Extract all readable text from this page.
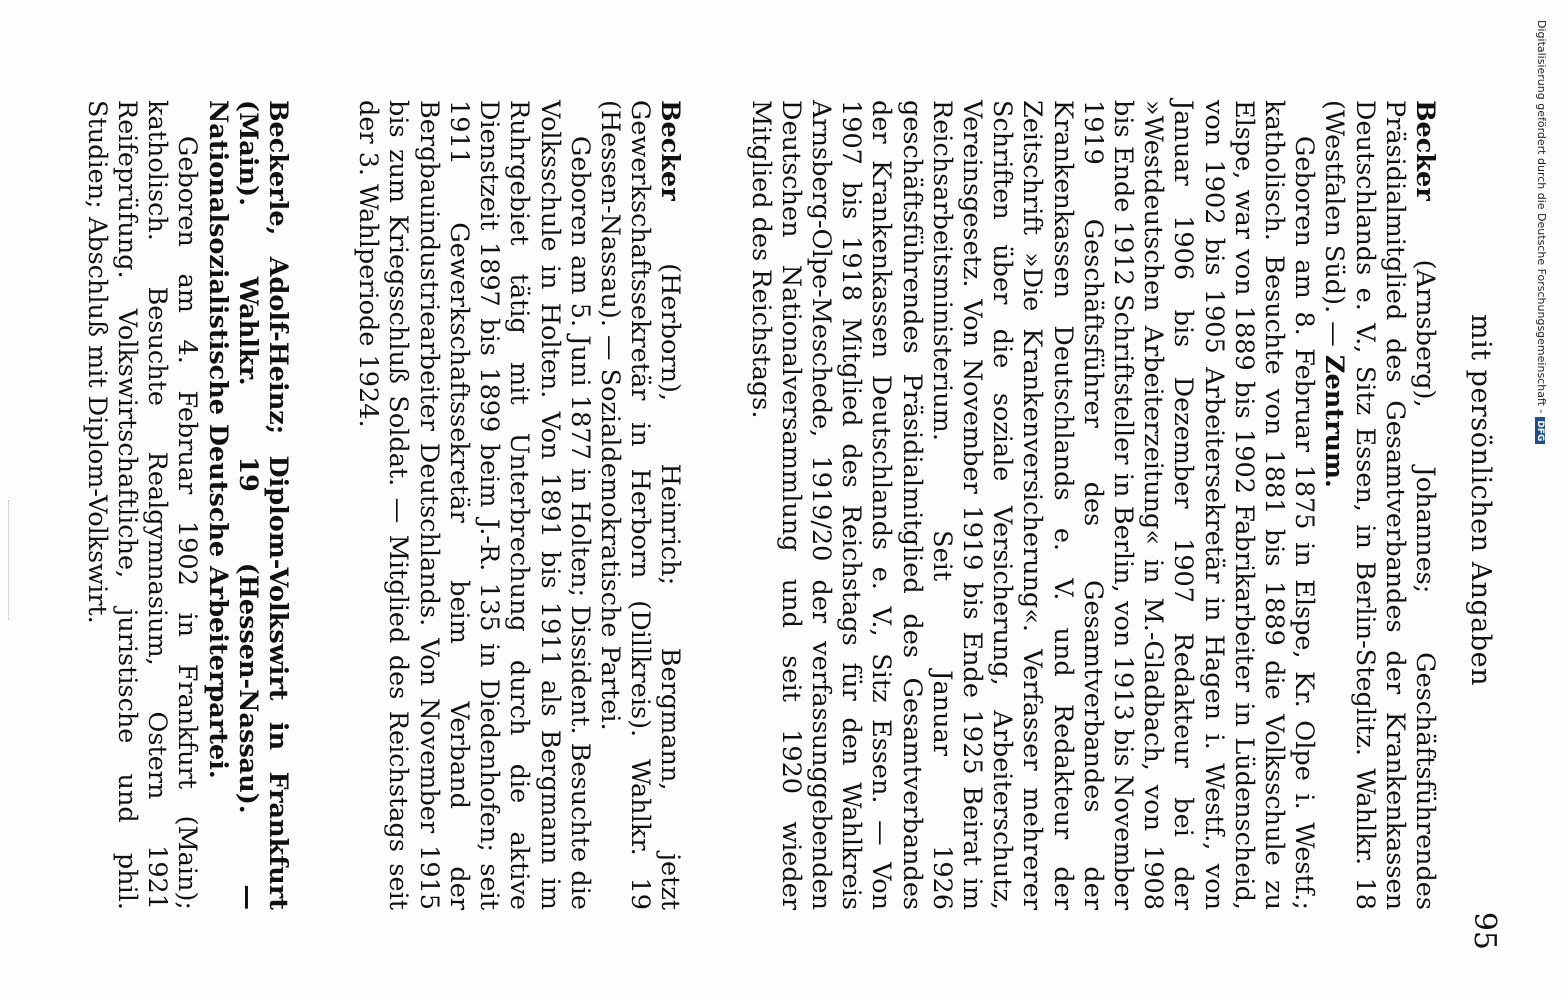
mit persönlichen Angaben
95

Becker (Arnsberg), Johannes; Geschäftsführendes Präsidialmitglied des Gesamtverbandes der Krankenkassen Deutschlands e. V., Sitz Essen, in Berlin-Steglitz. Wahlkr. 18 (Westfalen Süd). — Zentrum.

Geboren am 8. Februar 1875 in Elspe, Kr. Olpe i. Westf.; katholisch. Besuchte von 1881 bis 1889 die Volksschule zu Elspe, war von 1889 bis 1902 Fabrikarbeiter in Lüdenscheid, von 1902 bis 1905 Arbeitersekretär in Hagen i. Westf., von Januar 1906 bis Dezember 1907 Redakteur bei der »Westdeutschen Arbeiterzeitung« in M.-Gladbach, von 1908 bis Ende 1912 Schriftsteller in Berlin, von 1913 bis November 1919 Geschäftsführer des Gesamtverbandes der Krankenkassen Deutschlands e. V. und Redakteur der Zeitschrift »Die Krankenversicherung«. Verfasser mehrerer Schriften über die soziale Versicherung, Arbeiterschutz, Vereinsgesetz. Von November 1919 bis Ende 1925 Beirat im Reichsarbeitsministerium. Seit Januar 1926 geschäftsführendes Präsidialmitglied des Gesamtverbandes der Krankenkassen Deutschlands e. V., Sitz Essen. — Von 1907 bis 1918 Mitglied des Reichstags für den Wahlkreis Arnsberg-Olpe-Meschede, 1919/20 der verfassunggebenden Deutschen Nationalversammlung und seit 1920 wieder Mitglied des Reichstags.

Becker (Herborn), Heinrich; Bergmann, jetzt Gewerkschaftssekretär in Herborn (Dillkreis). Wahlkr. 19 (Hessen-Nassau). — Sozialdemokratische Partei.

Geboren am 5. Juni 1877 in Holten; Dissident. Besuchte die Volksschule in Holten. Von 1891 bis 1911 als Bergmann im Ruhrgebiet tätig mit Unterbrechung durch die aktive Dienstzeit 1897 bis 1899 beim J.-R. 135 in Diedenhofen; seit 1911 Gewerkschaftssekretär beim Verband der Bergbauindustriearbeiter Deutschlands. Von November 1915 bis zum Kriegsschluß Soldat. — Mitglied des Reichstags seit der 3. Wahlperiode 1924.

Beckerle, Adolf-Heinz; Diplom-Volkswirt in Frankfurt (Main). Wahlkr. 19 (Hessen-Nassau). — Nationalsozialistische Deutsche Arbeiterpartei.

Geboren am 4. Februar 1902 in Frankfurt (Main); katholisch. Besuchte Realgymnasium, Ostern 1921 Reifeprüfung. Volkswirtschaftliche, juristische und phil. Studien; Abschluß mit Diplom-Volkswirt.	Digitalisierung gefördert durch die Deutsche Forschungsgemeinschaft -DFG
